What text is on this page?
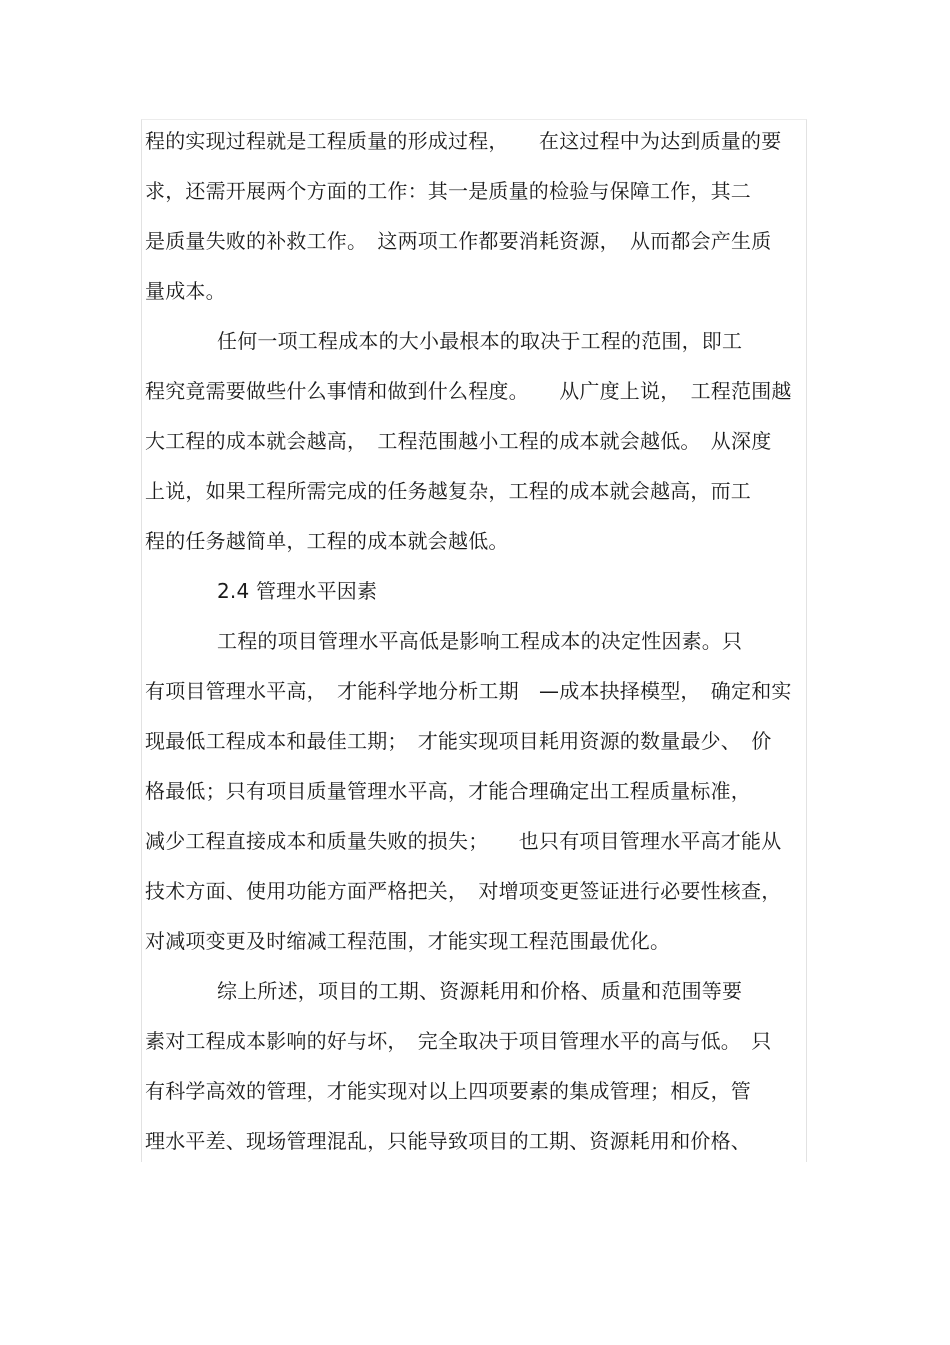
程的实现过程就是工程质量的形成过程，　　在这过程中为达到质量的要
求，还需开展两个方面的工作：其一是质量的检验与保障工作，其二
是质量失败的补救工作。　这两项工作都要消耗资源，　从而都会产生质
量成本。
任何一项工程成本的大小最根本的取决于工程的范围，即工
程究竟需要做些什么事情和做到什么程度。　　从广度上说，　工程范围越
大工程的成本就会越高，　工程范围越小工程的成本就会越低。　从深度
上说，如果工程所需完成的任务越复杂，工程的成本就会越高，而工
程的任务越简单，工程的成本就会越低。
2.4 管理水平因素
工程的项目管理水平高低是影响工程成本的决定性因素。只
有项目管理水平高，　才能科学地分析工期　—成本抉择模型，　确定和实
现最低工程成本和最佳工期；　才能实现项目耗用资源的数量最少、　价
格最低；只有项目质量管理水平高，才能合理确定出工程质量标准，
减少工程直接成本和质量失败的损失；　　也只有项目管理水平高才能从
技术方面、使用功能方面严格把关，　对增项变更签证进行必要性核查，
对减项变更及时缩减工程范围，才能实现工程范围最优化。
综上所述，项目的工期、资源耗用和价格、质量和范围等要
素对工程成本影响的好与坏，　完全取决于项目管理水平的高与低。　只
有科学高效的管理，才能实现对以上四项要素的集成管理；相反，管
理水平差、现场管理混乱，只能导致项目的工期、资源耗用和价格、
